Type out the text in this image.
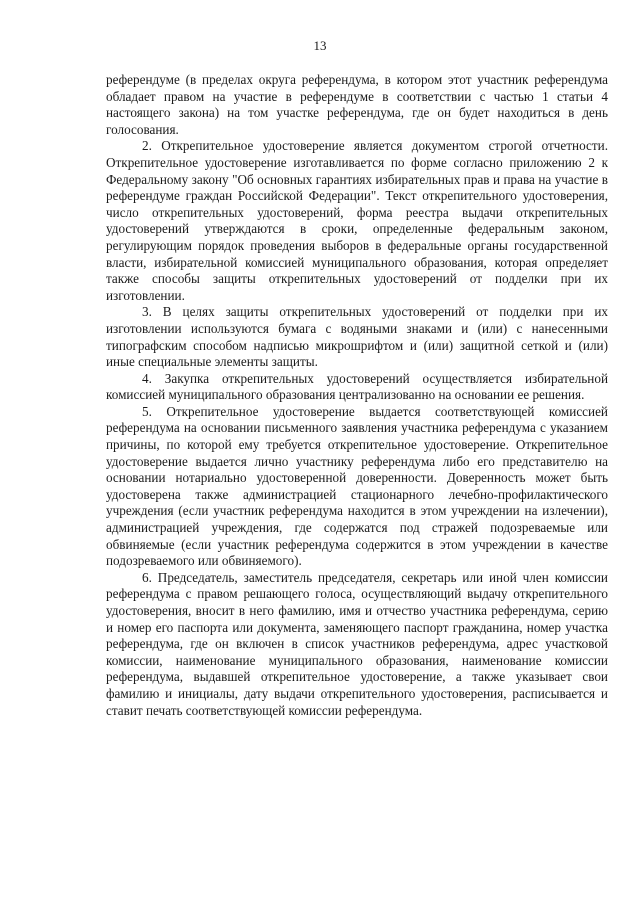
13

референдуме (в пределах округа референдума, в котором этот участник референдума обладает правом на участие в референдуме в соответствии с частью 1 статьи 4 настоящего закона) на том участке референдума, где он будет находиться в день голосования.

2. Открепительное удостоверение является документом строгой отчетности. Открепительное удостоверение изготавливается по форме согласно приложению 2 к Федеральному закону "Об основных гарантиях избирательных прав и права на участие в референдуме граждан Российской Федерации". Текст открепительного удостоверения, число открепительных удостоверений, форма реестра выдачи открепительных удостоверений утверждаются в сроки, определенные федеральным законом, регулирующим порядок проведения выборов в федеральные органы государственной власти, избирательной комиссией муниципального образования, которая определяет также способы защиты открепительных удостоверений от подделки при их изготовлении.

3. В целях защиты открепительных удостоверений от подделки при их изготовлении используются бумага с водяными знаками и (или) с нанесенными типографским способом надписью микрошрифтом и (или) защитной сеткой и (или) иные специальные элементы защиты.

4. Закупка открепительных удостоверений осуществляется избирательной комиссией муниципального образования централизованно на основании ее решения.

5. Открепительное удостоверение выдается соответствующей комиссией референдума на основании письменного заявления участника референдума с указанием причины, по которой ему требуется открепительное удостоверение. Открепительное удостоверение выдается лично участнику референдума либо его представителю на основании нотариально удостоверенной доверенности. Доверенность может быть удостоверена также администрацией стационарного лечебно-профилактического учреждения (если участник референдума находится в этом учреждении на излечении), администрацией учреждения, где содержатся под стражей подозреваемые или обвиняемые (если участник референдума содержится в этом учреждении в качестве подозреваемого или обвиняемого).

6. Председатель, заместитель председателя, секретарь или иной член комиссии референдума с правом решающего голоса, осуществляющий выдачу открепительного удостоверения, вносит в него фамилию, имя и отчество участника референдума, серию и номер его паспорта или документа, заменяющего паспорт гражданина, номер участка референдума, где он включен в список участников референдума, адрес участковой комиссии, наименование муниципального образования, наименование комиссии референдума, выдавшей открепительное удостоверение, а также указывает свои фамилию и инициалы, дату выдачи открепительного удостоверения, расписывается и ставит печать соответствующей комиссии референдума.
